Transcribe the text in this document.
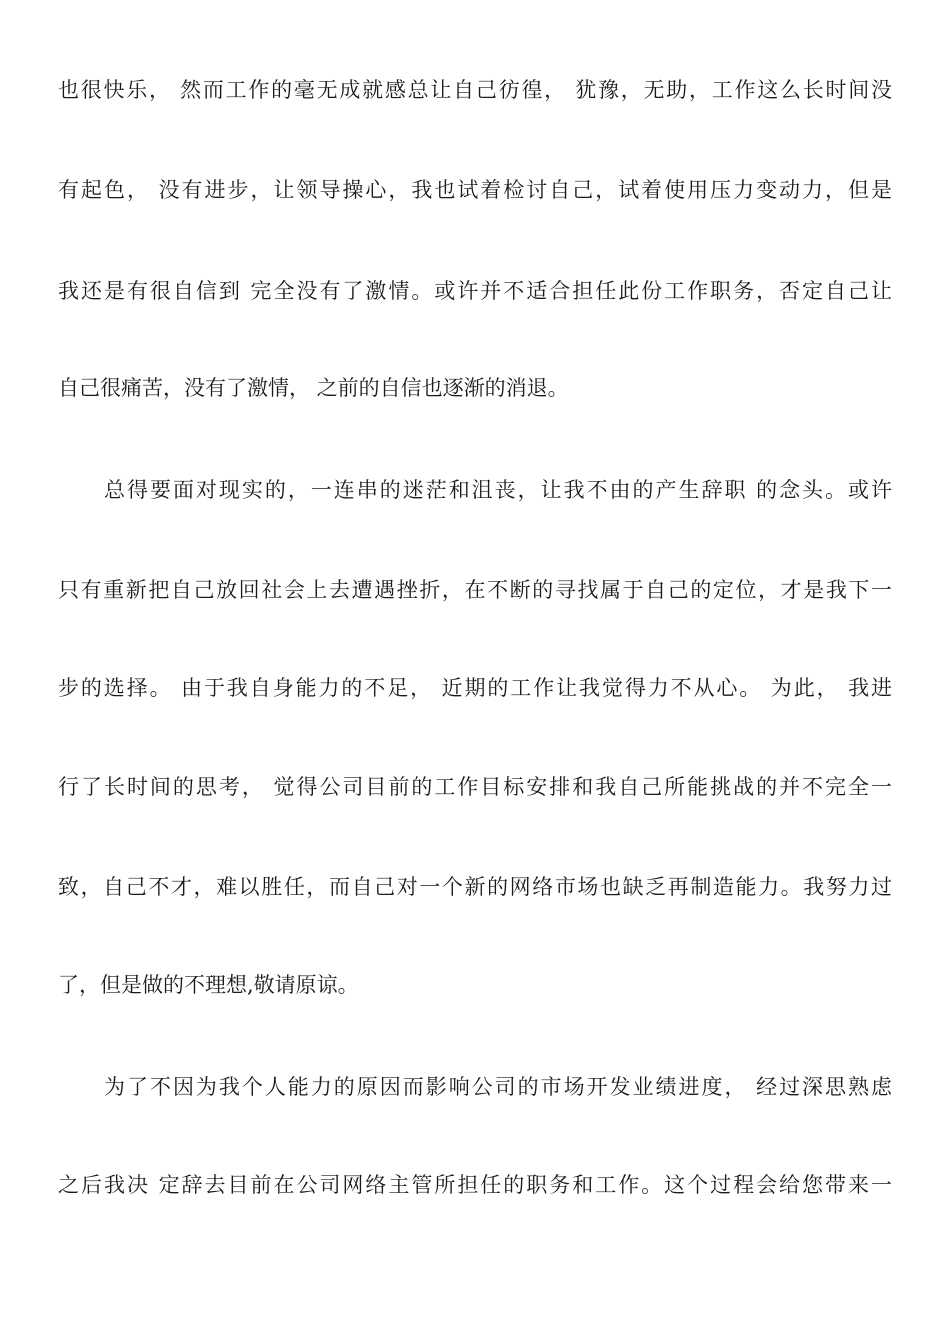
也很快乐， 然而工作的毫无成就感总让自己彷徨， 犹豫，无助，工作这么长时间没
有起色， 没有进步，让领导操心，我也试着检讨自己，试着使用压力变动力，但是
我还是有很自信到 完全没有了激情。或许并不适合担任此份工作职务，否定自己让
自己很痛苦，没有了激情， 之前的自信也逐渐的消退。
总得要面对现实的，一连串的迷茫和沮丧，让我不由的产生辞职 的念头。或许
只有重新把自己放回社会上去遭遇挫折，在不断的寻找属于自己的定位，才是我下一
步的选择。 由于我自身能力的不足， 近期的工作让我觉得力不从心。 为此， 我进
行了长时间的思考， 觉得公司目前的工作目标安排和我自己所能挑战的并不完全一
致，自己不才，难以胜任，而自己对一个新的网络市场也缺乏再制造能力。我努力过
了，但是做的不理想,敬请原谅。
为了不因为我个人能力的原因而影响公司的市场开发业绩进度， 经过深思熟虑
之后我决 定辞去目前在公司网络主管所担任的职务和工作。这个过程会给您带来一
